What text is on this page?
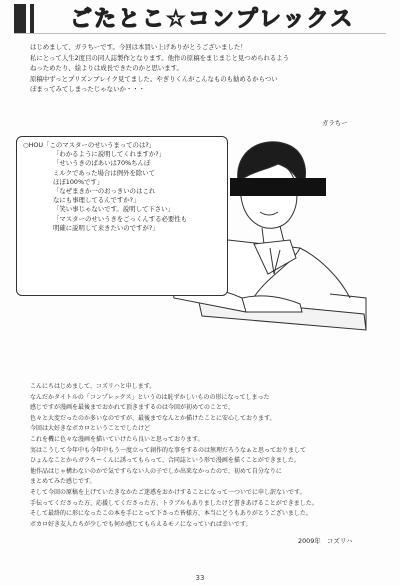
ごたとこ☆コンプレックス

はじめまして、ガラちーです。今回は本買い上げありがとうございました！

私にとって人生2度目の同人誌製作となります。他作の原稿をまじまじと見つめられるよう

ねっためたり、絵よりは成長できたのかと思います。

原稿中ずっとプリズンブレイク見てました。やぎりくんがこんなものも勧めるからつい

ぽまってみてしまったじゃないか・・・

ガラちー

○HOU「このマスターのせいうまってのは?」

「わかるように説明してくれますか?」

「せいうきのばあいは70%ちんぽ

ミルクであった場合は例外を除いて

ほぼ100%です」

「なぜまきか一のおっきいのはこれ

なにも事理してるんですか?」

「笑い事じゃないです。説明して下さい」

「マスターのせいうきをごっくんする必要性も

明確に説明して来きたいのですが?」

こんにちはじめまして、コズリハと申します。

なんだかタイトルの「コンプレックス」というのは恥ずかしいものの形になってしまった

感じですが漫画を最後までおかれて頂きまするのは今回が初めてのことで、

色々と大変だったのか多いなのですが、最後までなんとか描けたことに安心しております。

今回は大好きなボカロということでしたけど

これを機に色々な漫画を描いていけたら良いと思っております。

実はこうして今年中も今年中もう一度立って創作的な事をするのは無理だろうなぁと思っておりまして

ひょんなことからガラちーくんに誘ってもらって、合同誌という形で漫画を描くことができました。

他作品はじゃ構わないのかで気ですらない人の子でしか出来なかったので、初めて自分なりに

まとめてみた感じです。

そして今回の原稿を上げていたきなかたご迷惑をおかけすることになって一ついでに申し訳ないです。

手伝ってくださった方、応援してくださった方、トラブルもありましたけど書きあげることができました。

そして最終的に形になったこの本を手にとって下さった皆様方、本当にどうもありがとうございました。

ボカロ好き友人たちが少しでも何か感じてもらえるモノになっていれば幸いです。

2009年　コズリハ
33
